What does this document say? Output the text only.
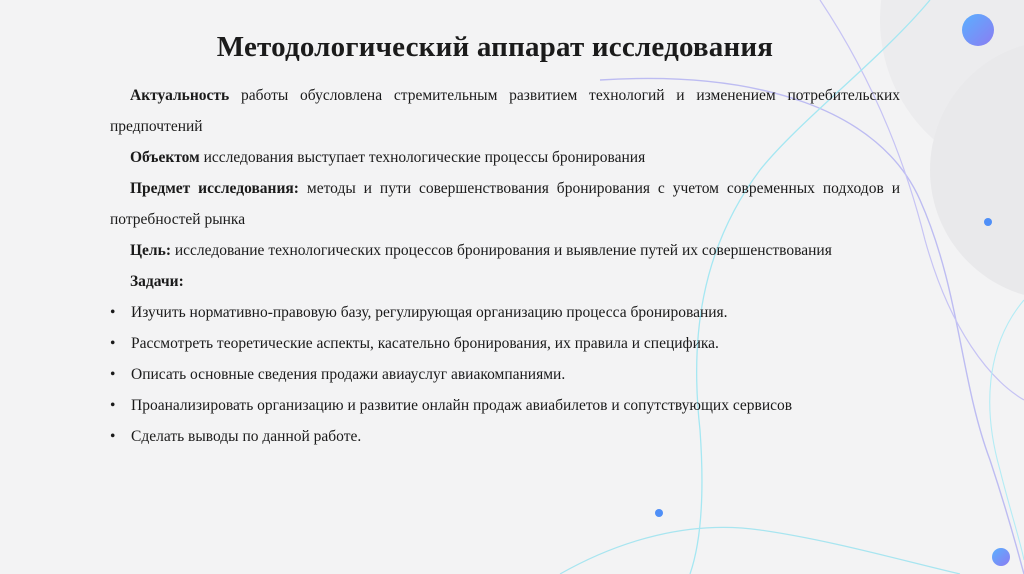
Методологический аппарат исследования

Актуальность работы обусловлена стремительным развитием технологий и изменением потребительских предпочтений

Объектом исследования выступает технологические процессы бронирования

Предмет исследования: методы и пути совершенствования бронирования с учетом современных подходов и потребностей рынка

Цель: исследование технологических процессов бронирования и выявление путей их совершенствования

Задачи:

• Изучить нормативно-правовую базу, регулирующая организацию процесса бронирования.
• Рассмотреть теоретические аспекты, касательно бронирования, их правила и специфика.
• Описать основные сведения продажи авиауслуг авиакомпаниями.
• Проанализировать организацию и развитие онлайн продаж авиабилетов и сопутствующих сервисов
• Сделать выводы по данной работе.
